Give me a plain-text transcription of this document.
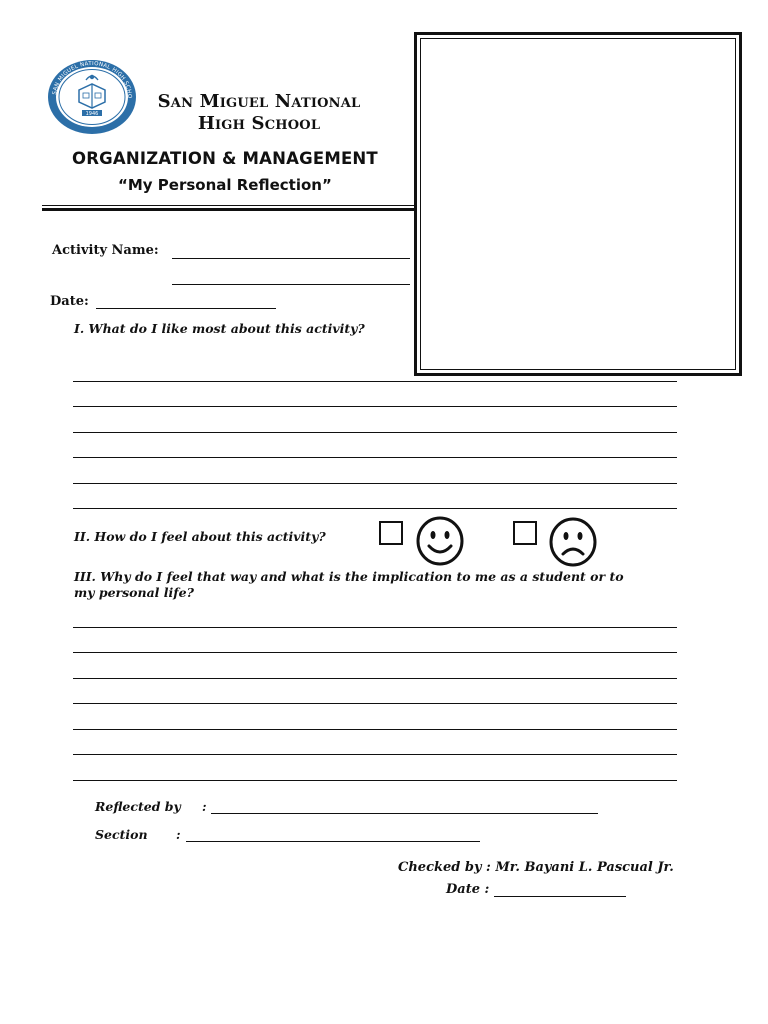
1946
SAN MIGUEL NATIONAL HIGH SCHO	San Miguel National
High School
ORGANIZATION & MANAGEMENT
“My Personal Reflection”
Activity Name:
Date:
I. What do I like most about this activity?
II. How do I feel about this activity?
III. Why do I feel that way and what is the implication to me as a student or to
my personal life?
Reflected by :
Section :
Checked by : Mr. Bayani L. Pascual Jr.
Date :
